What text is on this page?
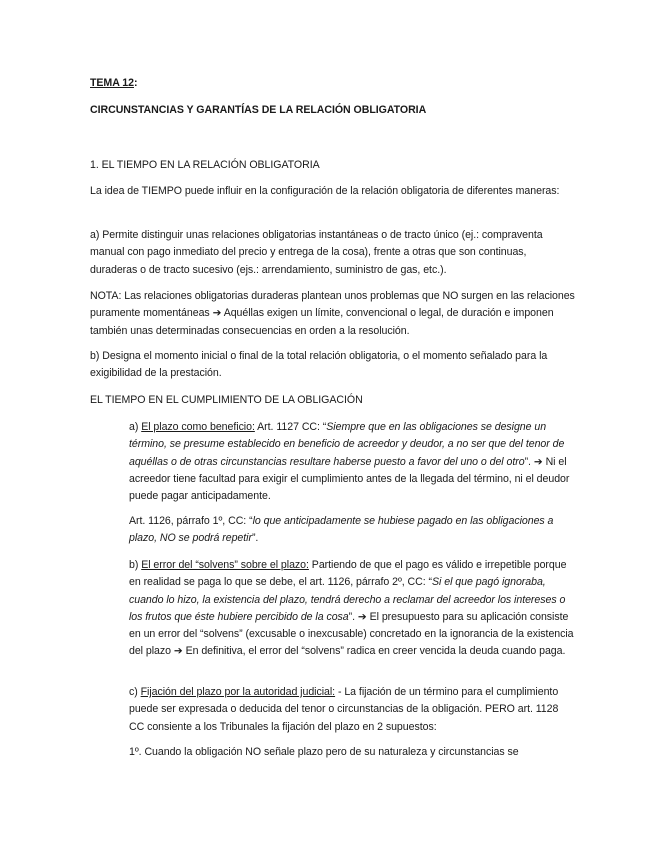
TEMA 12:

CIRCUNSTANCIAS Y GARANTÍAS DE LA RELACIÓN OBLIGATORIA

1. EL TIEMPO EN LA RELACIÓN OBLIGATORIA

La idea de TIEMPO puede influir en la configuración de la relación obligatoria de diferentes maneras:

a) Permite distinguir unas relaciones obligatorias instantáneas o de tracto único (ej.: compraventa manual con pago inmediato del precio y entrega de la cosa), frente a otras que son continuas, duraderas o de tracto sucesivo (ejs.: arrendamiento, suministro de gas, etc.).

NOTA: Las relaciones obligatorias duraderas plantean unos problemas que NO surgen en las relaciones puramente momentáneas ➔ Aquéllas exigen un límite, convencional o legal, de duración e imponen también unas determinadas consecuencias en orden a la resolución.

b) Designa el momento inicial o final de la total relación obligatoria, o el momento señalado para la exigibilidad de la prestación.

EL TIEMPO EN EL CUMPLIMIENTO DE LA OBLIGACIÓN

a) El plazo como beneficio: Art. 1127 CC: “Siempre que en las obligaciones se designe un término, se presume establecido en beneficio de acreedor y deudor, a no ser que del tenor de aquéllas o de otras circunstancias resultare haberse puesto a favor del uno o del otro”. ➔ Ni el acreedor tiene facultad para exigir el cumplimiento antes de la llegada del término, ni el deudor puede pagar anticipadamente.

Art. 1126, párrafo 1º, CC: “lo que anticipadamente se hubiese pagado en las obligaciones a plazo, NO se podrá repetir”.

b) El error del “solvens” sobre el plazo: Partiendo de que el pago es válido e irrepetible porque en realidad se paga lo que se debe, el art. 1126, párrafo 2º, CC: “Si el que pagó ignoraba, cuando lo hizo, la existencia del plazo, tendrá derecho a reclamar del acreedor los intereses o los frutos que éste hubiere percibido de la cosa”. ➔ El presupuesto para su aplicación consiste en un error del “solvens” (excusable o inexcusable) concretado en la ignorancia de la existencia del plazo ➔ En definitiva, el error del “solvens” radica en creer vencida la deuda cuando paga.

c) Fijación del plazo por la autoridad judicial: - La fijación de un término para el cumplimiento puede ser expresada o deducida del tenor o circunstancias de la obligación. PERO art. 1128 CC consiente a los Tribunales la fijación del plazo en 2 supuestos:

1º. Cuando la obligación NO señale plazo pero de su naturaleza y circunstancias se
